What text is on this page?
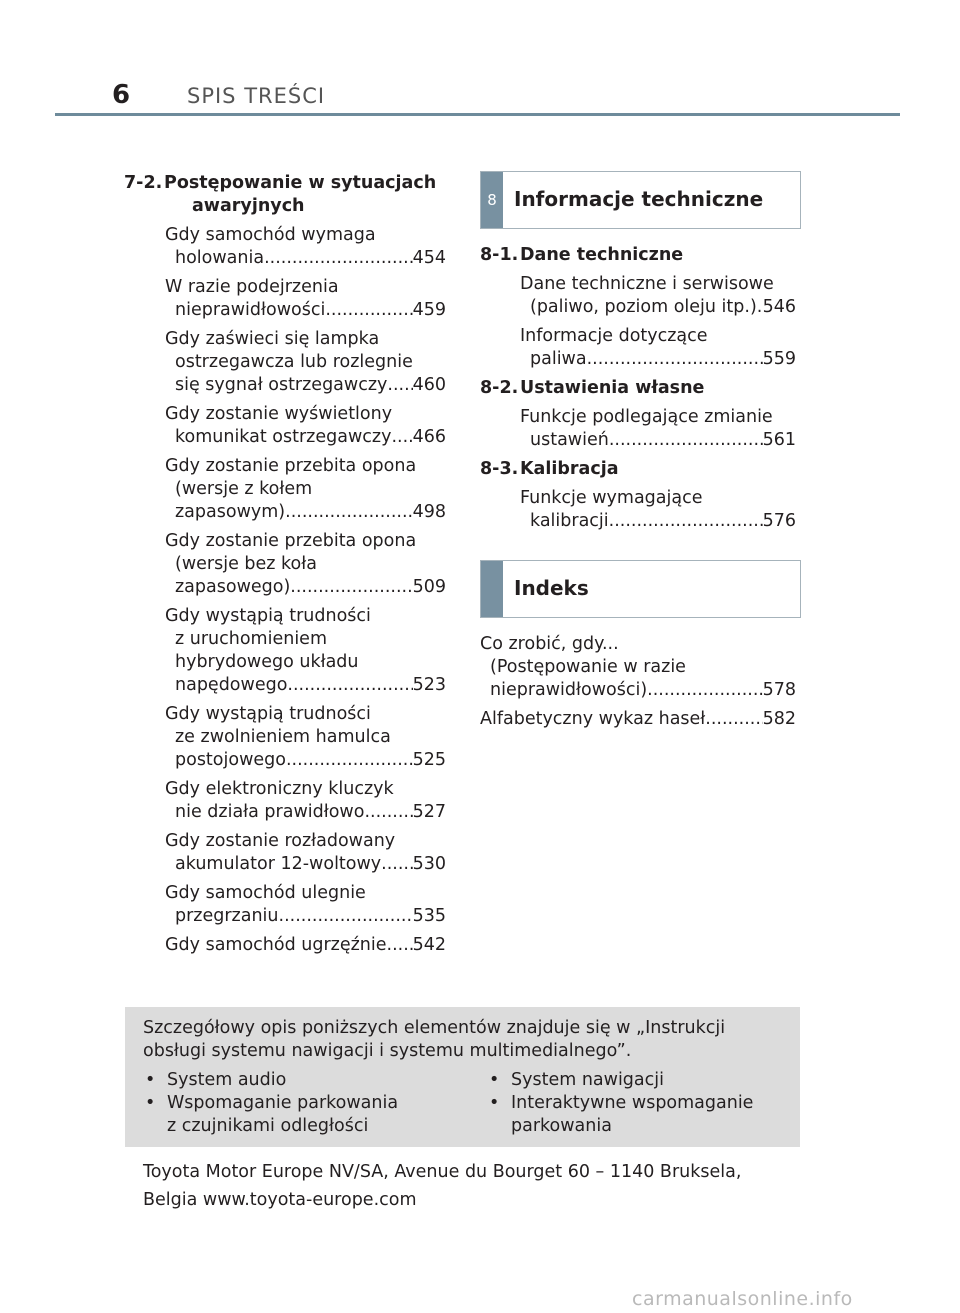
6	SPIS TREŚCI
7-2. Postępowanie w sytuacjach
awaryjnych
Gdy samochód wymaga
holowania .....	454
W razie podejrzenia
nieprawidłowości .....	459
Gdy zaświeci się lampka
ostrzegawcza lub rozlegnie
się sygnał ostrzegawczy ..... 460
Gdy zostanie wyświetlony
komunikat ostrzegawczy ..... 466
Gdy zostanie przebita opona
(wersje z kołem
zapasowym) .....	498
Gdy zostanie przebita opona
(wersje bez koła
zapasowego) .....	509
Gdy wystąpią trudności
z uruchomieniem
hybrydowego układu
napędowego .....	523
Gdy wystąpią trudności
ze zwolnieniem hamulca
postojowego .....	525
Gdy elektroniczny kluczyk
nie działa prawidłowo .....	527
Gdy zostanie rozładowany
akumulator 12-woltowy ..... 530
Gdy samochód ulegnie
przegrzaniu .....	535
Gdy samochód ugrzęźnie ..... 542
8 Informacje techniczne
8-1.Dane techniczne
Dane techniczne i serwisowe
(paliwo, poziom oleju itp.) ..... 546
Informacje dotyczące
paliwa .....	559
8-2.Ustawienia własne
Funkcje podlegające zmianie
ustawień .....	561
8-3.Kalibracja
Funkcje wymagające
kalibracji .....	576
Indeks
Co zrobić, gdy...
(Postępowanie w razie
nieprawidłowości) .....	578
Alfabetyczny wykaz haseł .....	582
Szczegółowy opis poniższych elementów znajduje się w „Instrukcji obsługi systemu nawigacji i systemu multimedialnego”.
• System audio
• Wspomaganie parkowania
z czujnikami odległości
• System nawigacji
• Interaktywne wspomaganie
parkowania
Toyota Motor Europe NV/SA, Avenue du Bourget 60 – 1140 Bruksela,
Belgia www.toyota-europe.com
carmanualsonline.info
